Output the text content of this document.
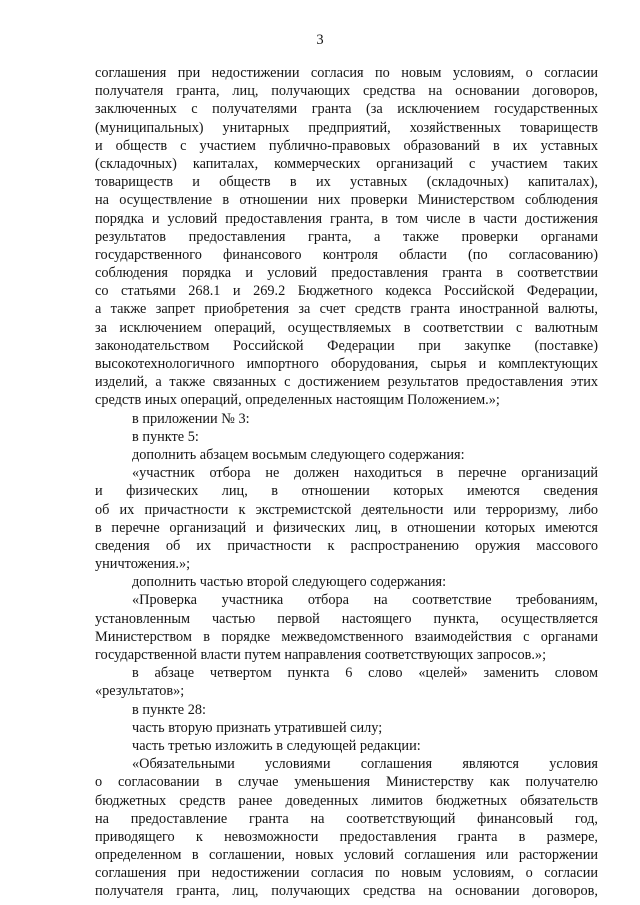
3
соглашения при недостижении согласия по новым условиям, о согласии
получателя гранта, лиц, получающих средства на основании договоров,
заключенных с получателями гранта (за исключением государственных
(муниципальных) унитарных предприятий, хозяйственных товариществ
и обществ с участием публично-правовых образований в их уставных
(складочных) капиталах, коммерческих организаций с участием таких
товариществ и обществ в их уставных (складочных) капиталах),
на осуществление в отношении них проверки Министерством соблюдения
порядка и условий предоставления гранта, в том числе в части достижения
результатов предоставления гранта, а также проверки органами
государственного финансового контроля области (по согласованию)
соблюдения порядка и условий предоставления гранта в соответствии
со статьями 268.1 и 269.2 Бюджетного кодекса Российской Федерации,
а также запрет приобретения за счет средств гранта иностранной валюты,
за исключением операций, осуществляемых в соответствии с валютным
законодательством Российской Федерации при закупке (поставке)
высокотехнологичного импортного оборудования, сырья и комплектующих
изделий, а также связанных с достижением результатов предоставления этих
средств иных операций, определенных настоящим Положением.»;
в приложении № 3:
в пункте 5:
дополнить абзацем восьмым следующего содержания:
«участник отбора не должен находиться в перечне организаций
и физических лиц, в отношении которых имеются сведения
об их причастности к экстремистской деятельности или терроризму, либо
в перечне организаций и физических лиц, в отношении которых имеются
сведения об их причастности к распространению оружия массового
уничтожения.»;
дополнить частью второй следующего содержания:
«Проверка участника отбора на соответствие требованиям,
установленным частью первой настоящего пункта, осуществляется
Министерством в порядке межведомственного взаимодействия с органами
государственной власти путем направления соответствующих запросов.»;
в абзаце четвертом пункта 6 слово «целей» заменить словом
«результатов»;
в пункте 28:
часть вторую признать утратившей силу;
часть третью изложить в следующей редакции:
«Обязательными условиями соглашения являются условия
о согласовании в случае уменьшения Министерству как получателю
бюджетных средств ранее доведенных лимитов бюджетных обязательств
на предоставление гранта на соответствующий финансовый год,
приводящего к невозможности предоставления гранта в размере,
определенном в соглашении, новых условий соглашения или расторжении
соглашения при недостижении согласия по новым условиям, о согласии
получателя гранта, лиц, получающих средства на основании договоров,
